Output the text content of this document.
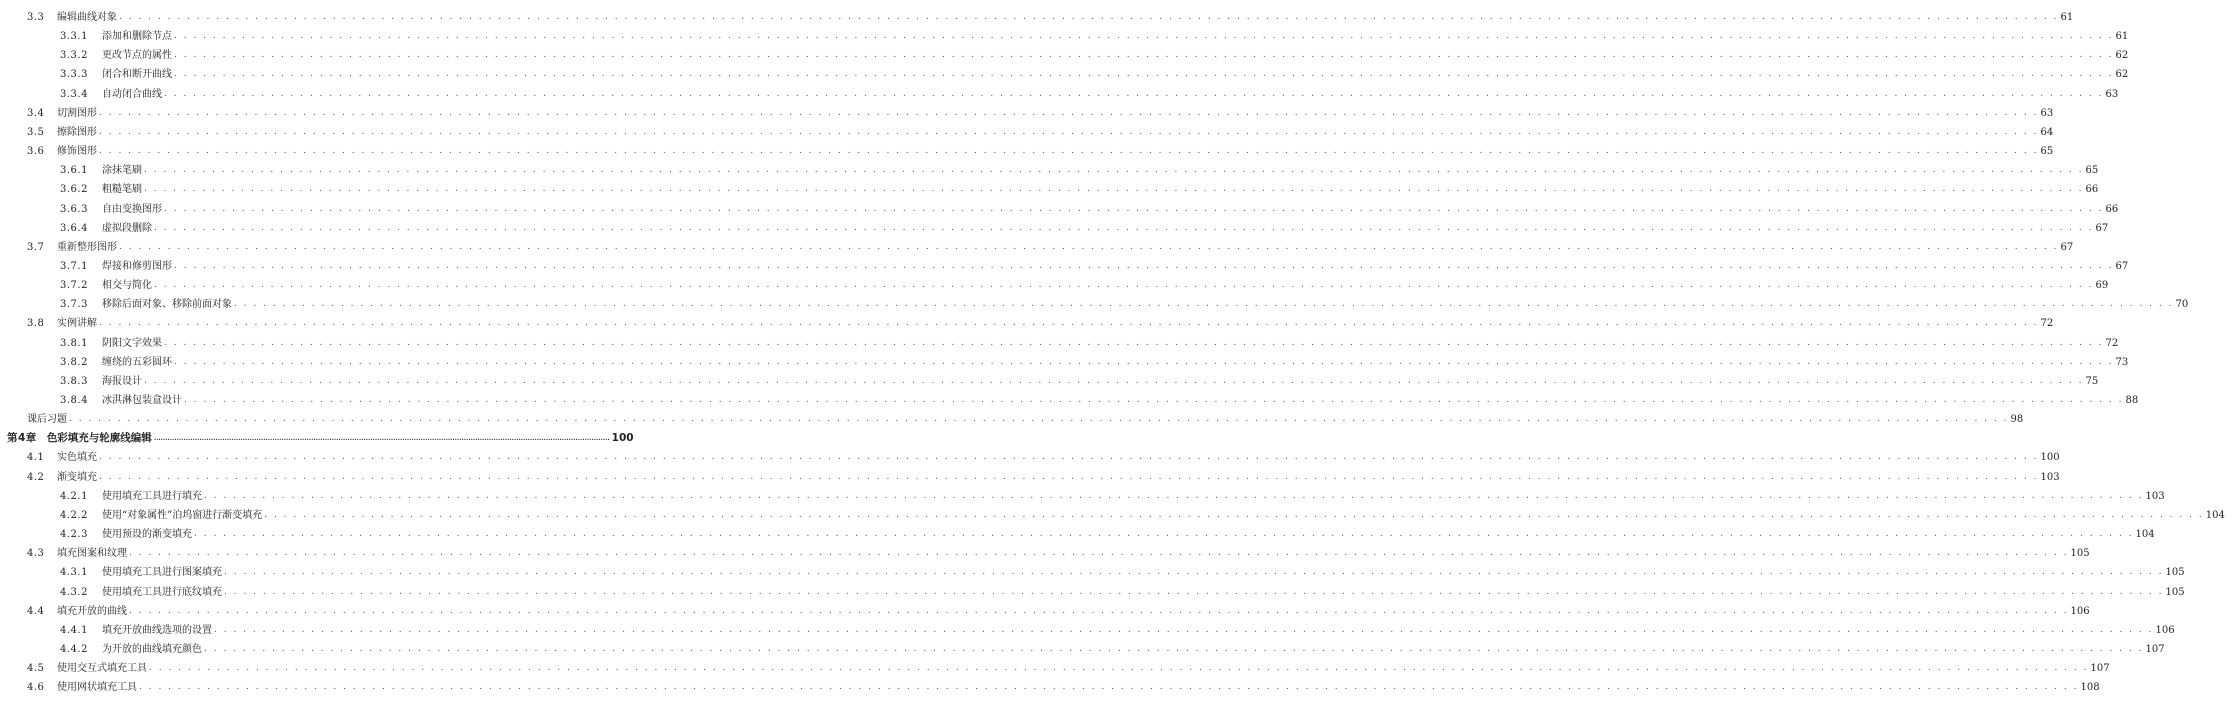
3.3	编辑曲线对象 . . . . . . . . . . . . . . . . . . . . . . . . . . . . . . . . . . . . . . . . . . . . . . . . . . . . . . . . . . . . . . . . . . . . . . . . . . . . . . . . . . . . . . . . . . . . . . . . . . . . . . . . . . . . . . . . . . . . . . . . . . . . . . . . . . . . . . . . . . . . . . . . . . . . . . . . . . . . . . . . . . . . . . . . . . . . . . . . . . . . . . . . . . . . . . . . . . . . . . . . 61
3.3.1	添加和删除节点 . . . . . . . . . . . . . . . . . . . . . . . . . . . . . . . . . . . . . . . . . . . . . . . . . . . . . . . . . . . . . . . . . . . . . . . . . . . . . . . . . . . . . . . . . . . . . . . . . . . . . . . . . . . . . . . . . . . . . . . . . . . . . . . . . . . . . . . . . . . . . . . . . . . . . . . . . . . . . . . . . . . . . . . . . . . . . . . . . . . . . . . . . . . . . . . . . . . . . . . . 61
3.3.2	更改节点的属性 . . . . . . . . . . . . . . . . . . . . . . . . . . . . . . . . . . . . . . . . . . . . . . . . . . . . . . . . . . . . . . . . . . . . . . . . . . . . . . . . . . . . . . . . . . . . . . . . . . . . . . . . . . . . . . . . . . . . . . . . . . . . . . . . . . . . . . . . . . . . . . . . . . . . . . . . . . . . . . . . . . . . . . . . . . . . . . . . . . . . . . . . . . . . . . . . . . . . . . . . 62
3.3.3	闭合和断开曲线 . . . . . . . . . . . . . . . . . . . . . . . . . . . . . . . . . . . . . . . . . . . . . . . . . . . . . . . . . . . . . . . . . . . . . . . . . . . . . . . . . . . . . . . . . . . . . . . . . . . . . . . . . . . . . . . . . . . . . . . . . . . . . . . . . . . . . . . . . . . . . . . . . . . . . . . . . . . . . . . . . . . . . . . . . . . . . . . . . . . . . . . . . . . . . . . . . . . . . . . . 62
3.3.4	自动闭合曲线 . . . . . . . . . . . . . . . . . . . . . . . . . . . . . . . . . . . . . . . . . . . . . . . . . . . . . . . . . . . . . . . . . . . . . . . . . . . . . . . . . . . . . . . . . . . . . . . . . . . . . . . . . . . . . . . . . . . . . . . . . . . . . . . . . . . . . . . . . . . . . . . . . . . . . . . . . . . . . . . . . . . . . . . . . . . . . . . . . . . . . . . . . . . . . . . . . . . . . . . . 63
3.4	切割图形 . . . . . . . . . . . . . . . . . . . . . . . . . . . . . . . . . . . . . . . . . . . . . . . . . . . . . . . . . . . . . . . . . . . . . . . . . . . . . . . . . . . . . . . . . . . . . . . . . . . . . . . . . . . . . . . . . . . . . . . . . . . . . . . . . . . . . . . . . . . . . . . . . . . . . . . . . . . . . . . . . . . . . . . . . . . . . . . . . . . . . . . . . . . . . . . . . . . . . . . . 63
3.5	擦除图形 . . . . . . . . . . . . . . . . . . . . . . . . . . . . . . . . . . . . . . . . . . . . . . . . . . . . . . . . . . . . . . . . . . . . . . . . . . . . . . . . . . . . . . . . . . . . . . . . . . . . . . . . . . . . . . . . . . . . . . . . . . . . . . . . . . . . . . . . . . . . . . . . . . . . . . . . . . . . . . . . . . . . . . . . . . . . . . . . . . . . . . . . . . . . . . . . . . . . . . . . 64
3.6	修饰图形 . . . . . . . . . . . . . . . . . . . . . . . . . . . . . . . . . . . . . . . . . . . . . . . . . . . . . . . . . . . . . . . . . . . . . . . . . . . . . . . . . . . . . . . . . . . . . . . . . . . . . . . . . . . . . . . . . . . . . . . . . . . . . . . . . . . . . . . . . . . . . . . . . . . . . . . . . . . . . . . . . . . . . . . . . . . . . . . . . . . . . . . . . . . . . . . . . . . . . . . . 65
3.6.1	涂抹笔刷 . . . . . . . . . . . . . . . . . . . . . . . . . . . . . . . . . . . . . . . . . . . . . . . . . . . . . . . . . . . . . . . . . . . . . . . . . . . . . . . . . . . . . . . . . . . . . . . . . . . . . . . . . . . . . . . . . . . . . . . . . . . . . . . . . . . . . . . . . . . . . . . . . . . . . . . . . . . . . . . . . . . . . . . . . . . . . . . . . . . . . . . . . . . . . . . . . . . . . . . . 65
3.6.2	粗糙笔刷 . . . . . . . . . . . . . . . . . . . . . . . . . . . . . . . . . . . . . . . . . . . . . . . . . . . . . . . . . . . . . . . . . . . . . . . . . . . . . . . . . . . . . . . . . . . . . . . . . . . . . . . . . . . . . . . . . . . . . . . . . . . . . . . . . . . . . . . . . . . . . . . . . . . . . . . . . . . . . . . . . . . . . . . . . . . . . . . . . . . . . . . . . . . . . . . . . . . . . . . . 66
3.6.3	自由变换图形 . . . . . . . . . . . . . . . . . . . . . . . . . . . . . . . . . . . . . . . . . . . . . . . . . . . . . . . . . . . . . . . . . . . . . . . . . . . . . . . . . . . . . . . . . . . . . . . . . . . . . . . . . . . . . . . . . . . . . . . . . . . . . . . . . . . . . . . . . . . . . . . . . . . . . . . . . . . . . . . . . . . . . . . . . . . . . . . . . . . . . . . . . . . . . . . . . . . . . . . . 66
3.6.4	虚拟段删除 . . . . . . . . . . . . . . . . . . . . . . . . . . . . . . . . . . . . . . . . . . . . . . . . . . . . . . . . . . . . . . . . . . . . . . . . . . . . . . . . . . . . . . . . . . . . . . . . . . . . . . . . . . . . . . . . . . . . . . . . . . . . . . . . . . . . . . . . . . . . . . . . . . . . . . . . . . . . . . . . . . . . . . . . . . . . . . . . . . . . . . . . . . . . . . . . . . . . . . . . 67
3.7	重新整形图形 . . . . . . . . . . . . . . . . . . . . . . . . . . . . . . . . . . . . . . . . . . . . . . . . . . . . . . . . . . . . . . . . . . . . . . . . . . . . . . . . . . . . . . . . . . . . . . . . . . . . . . . . . . . . . . . . . . . . . . . . . . . . . . . . . . . . . . . . . . . . . . . . . . . . . . . . . . . . . . . . . . . . . . . . . . . . . . . . . . . . . . . . . . . . . . . . . . . . . . . . 67
3.7.1	焊接和修剪图形 . . . . . . . . . . . . . . . . . . . . . . . . . . . . . . . . . . . . . . . . . . . . . . . . . . . . . . . . . . . . . . . . . . . . . . . . . . . . . . . . . . . . . . . . . . . . . . . . . . . . . . . . . . . . . . . . . . . . . . . . . . . . . . . . . . . . . . . . . . . . . . . . . . . . . . . . . . . . . . . . . . . . . . . . . . . . . . . . . . . . . . . . . . . . . . . . . . . . . . . . 67
3.7.2	相交与简化 . . . . . . . . . . . . . . . . . . . . . . . . . . . . . . . . . . . . . . . . . . . . . . . . . . . . . . . . . . . . . . . . . . . . . . . . . . . . . . . . . . . . . . . . . . . . . . . . . . . . . . . . . . . . . . . . . . . . . . . . . . . . . . . . . . . . . . . . . . . . . . . . . . . . . . . . . . . . . . . . . . . . . . . . . . . . . . . . . . . . . . . . . . . . . . . . . . . . . . . . 69
3.7.3	移除后面对象、移除前面对象 . . . . . . . . . . . . . . . . . . . . . . . . . . . . . . . . . . . . . . . . . . . . . . . . . . . . . . . . . . . . . . . . . . . . . . . . . . . . . . . . . . . . . . . . . . . . . . . . . . . . . . . . . . . . . . . . . . . . . . . . . . . . . . . . . . . . . . . . . . . . . . . . . . . . . . . . . . . . . . . . . . . . . . . . . . . . . . . . . . . . . . . . . . . . . . . . . . . . . . . . 70
3.8	实例讲解 . . . . . . . . . . . . . . . . . . . . . . . . . . . . . . . . . . . . . . . . . . . . . . . . . . . . . . . . . . . . . . . . . . . . . . . . . . . . . . . . . . . . . . . . . . . . . . . . . . . . . . . . . . . . . . . . . . . . . . . . . . . . . . . . . . . . . . . . . . . . . . . . . . . . . . . . . . . . . . . . . . . . . . . . . . . . . . . . . . . . . . . . . . . . . . . . . . . . . . . . 72
3.8.1	阴阳文字效果 . . . . . . . . . . . . . . . . . . . . . . . . . . . . . . . . . . . . . . . . . . . . . . . . . . . . . . . . . . . . . . . . . . . . . . . . . . . . . . . . . . . . . . . . . . . . . . . . . . . . . . . . . . . . . . . . . . . . . . . . . . . . . . . . . . . . . . . . . . . . . . . . . . . . . . . . . . . . . . . . . . . . . . . . . . . . . . . . . . . . . . . . . . . . . . . . . . . . . . . . 72
3.8.2	缠绕的五彩圆环 . . . . . . . . . . . . . . . . . . . . . . . . . . . . . . . . . . . . . . . . . . . . . . . . . . . . . . . . . . . . . . . . . . . . . . . . . . . . . . . . . . . . . . . . . . . . . . . . . . . . . . . . . . . . . . . . . . . . . . . . . . . . . . . . . . . . . . . . . . . . . . . . . . . . . . . . . . . . . . . . . . . . . . . . . . . . . . . . . . . . . . . . . . . . . . . . . . . . . . . . 73
3.8.3	海报设计 . . . . . . . . . . . . . . . . . . . . . . . . . . . . . . . . . . . . . . . . . . . . . . . . . . . . . . . . . . . . . . . . . . . . . . . . . . . . . . . . . . . . . . . . . . . . . . . . . . . . . . . . . . . . . . . . . . . . . . . . . . . . . . . . . . . . . . . . . . . . . . . . . . . . . . . . . . . . . . . . . . . . . . . . . . . . . . . . . . . . . . . . . . . . . . . . . . . . . . . . 75
3.8.4	冰淇淋包装盒设计 . . . . . . . . . . . . . . . . . . . . . . . . . . . . . . . . . . . . . . . . . . . . . . . . . . . . . . . . . . . . . . . . . . . . . . . . . . . . . . . . . . . . . . . . . . . . . . . . . . . . . . . . . . . . . . . . . . . . . . . . . . . . . . . . . . . . . . . . . . . . . . . . . . . . . . . . . . . . . . . . . . . . . . . . . . . . . . . . . . . . . . . . . . . . . . . . . . . . . . . . 88
课后习题 . . . . . . . . . . . . . . . . . . . . . . . . . . . . . . . . . . . . . . . . . . . . . . . . . . . . . . . . . . . . . . . . . . . . . . . . . . . . . . . . . . . . . . . . . . . . . . . . . . . . . . . . . . . . . . . . . . . . . . . . . . . . . . . . . . . . . . . . . . . . . . . . . . . . . . . . . . . . . . . . . . . . . . . . . . . . . . . . . . . . . . . . . . . . . . . . . . . . . . . . 98
第4章 色彩填充与轮廓线编辑 ........................................................................................................................................................................................................ 100
4.1	实色填充 . . . . . . . . . . . . . . . . . . . . . . . . . . . . . . . . . . . . . . . . . . . . . . . . . . . . . . . . . . . . . . . . . . . . . . . . . . . . . . . . . . . . . . . . . . . . . . . . . . . . . . . . . . . . . . . . . . . . . . . . . . . . . . . . . . . . . . . . . . . . . . . . . . . . . . . . . . . . . . . . . . . . . . . . . . . . . . . . . . . . . . . . . . . . . . . . . . . . . . . . 100
4.2	渐变填充 . . . . . . . . . . . . . . . . . . . . . . . . . . . . . . . . . . . . . . . . . . . . . . . . . . . . . . . . . . . . . . . . . . . . . . . . . . . . . . . . . . . . . . . . . . . . . . . . . . . . . . . . . . . . . . . . . . . . . . . . . . . . . . . . . . . . . . . . . . . . . . . . . . . . . . . . . . . . . . . . . . . . . . . . . . . . . . . . . . . . . . . . . . . . . . . . . . . . . . . . 103
4.2.1	使用填充工具进行填充 . . . . . . . . . . . . . . . . . . . . . . . . . . . . . . . . . . . . . . . . . . . . . . . . . . . . . . . . . . . . . . . . . . . . . . . . . . . . . . . . . . . . . . . . . . . . . . . . . . . . . . . . . . . . . . . . . . . . . . . . . . . . . . . . . . . . . . . . . . . . . . . . . . . . . . . . . . . . . . . . . . . . . . . . . . . . . . . . . . . . . . . . . . . . . . . . . . . . . . . . 103
4.2.2	使用“对象属性”泊坞窗进行渐变填充 . . . . . . . . . . . . . . . . . . . . . . . . . . . . . . . . . . . . . . . . . . . . . . . . . . . . . . . . . . . . . . . . . . . . . . . . . . . . . . . . . . . . . . . . . . . . . . . . . . . . . . . . . . . . . . . . . . . . . . . . . . . . . . . . . . . . . . . . . . . . . . . . . . . . . . . . . . . . . . . . . . . . . . . . . . . . . . . . . . . . . . . . . . . . . . . . . . . . . . . . 104
4.2.3	使用预设的渐变填充 . . . . . . . . . . . . . . . . . . . . . . . . . . . . . . . . . . . . . . . . . . . . . . . . . . . . . . . . . . . . . . . . . . . . . . . . . . . . . . . . . . . . . . . . . . . . . . . . . . . . . . . . . . . . . . . . . . . . . . . . . . . . . . . . . . . . . . . . . . . . . . . . . . . . . . . . . . . . . . . . . . . . . . . . . . . . . . . . . . . . . . . . . . . . . . . . . . . . . . . . 104
4.3	填充图案和纹理 . . . . . . . . . . . . . . . . . . . . . . . . . . . . . . . . . . . . . . . . . . . . . . . . . . . . . . . . . . . . . . . . . . . . . . . . . . . . . . . . . . . . . . . . . . . . . . . . . . . . . . . . . . . . . . . . . . . . . . . . . . . . . . . . . . . . . . . . . . . . . . . . . . . . . . . . . . . . . . . . . . . . . . . . . . . . . . . . . . . . . . . . . . . . . . . . . . . . . . . . 105
4.3.1	使用填充工具进行图案填充 . . . . . . . . . . . . . . . . . . . . . . . . . . . . . . . . . . . . . . . . . . . . . . . . . . . . . . . . . . . . . . . . . . . . . . . . . . . . . . . . . . . . . . . . . . . . . . . . . . . . . . . . . . . . . . . . . . . . . . . . . . . . . . . . . . . . . . . . . . . . . . . . . . . . . . . . . . . . . . . . . . . . . . . . . . . . . . . . . . . . . . . . . . . . . . . . . . . . . . . . 105
4.3.2	使用填充工具进行底纹填充 . . . . . . . . . . . . . . . . . . . . . . . . . . . . . . . . . . . . . . . . . . . . . . . . . . . . . . . . . . . . . . . . . . . . . . . . . . . . . . . . . . . . . . . . . . . . . . . . . . . . . . . . . . . . . . . . . . . . . . . . . . . . . . . . . . . . . . . . . . . . . . . . . . . . . . . . . . . . . . . . . . . . . . . . . . . . . . . . . . . . . . . . . . . . . . . . . . . . . . . . 105
4.4	填充开放的曲线 . . . . . . . . . . . . . . . . . . . . . . . . . . . . . . . . . . . . . . . . . . . . . . . . . . . . . . . . . . . . . . . . . . . . . . . . . . . . . . . . . . . . . . . . . . . . . . . . . . . . . . . . . . . . . . . . . . . . . . . . . . . . . . . . . . . . . . . . . . . . . . . . . . . . . . . . . . . . . . . . . . . . . . . . . . . . . . . . . . . . . . . . . . . . . . . . . . . . . . . . 106
4.4.1	填充开放曲线选项的设置 . . . . . . . . . . . . . . . . . . . . . . . . . . . . . . . . . . . . . . . . . . . . . . . . . . . . . . . . . . . . . . . . . . . . . . . . . . . . . . . . . . . . . . . . . . . . . . . . . . . . . . . . . . . . . . . . . . . . . . . . . . . . . . . . . . . . . . . . . . . . . . . . . . . . . . . . . . . . . . . . . . . . . . . . . . . . . . . . . . . . . . . . . . . . . . . . . . . . . . . . 106
4.4.2	为开放的曲线填充颜色 . . . . . . . . . . . . . . . . . . . . . . . . . . . . . . . . . . . . . . . . . . . . . . . . . . . . . . . . . . . . . . . . . . . . . . . . . . . . . . . . . . . . . . . . . . . . . . . . . . . . . . . . . . . . . . . . . . . . . . . . . . . . . . . . . . . . . . . . . . . . . . . . . . . . . . . . . . . . . . . . . . . . . . . . . . . . . . . . . . . . . . . . . . . . . . . . . . . . . . . . 107
4.5	使用交互式填充工具 . . . . . . . . . . . . . . . . . . . . . . . . . . . . . . . . . . . . . . . . . . . . . . . . . . . . . . . . . . . . . . . . . . . . . . . . . . . . . . . . . . . . . . . . . . . . . . . . . . . . . . . . . . . . . . . . . . . . . . . . . . . . . . . . . . . . . . . . . . . . . . . . . . . . . . . . . . . . . . . . . . . . . . . . . . . . . . . . . . . . . . . . . . . . . . . . . . . . . . . . 107
4.6	使用网状填充工具 . . . . . . . . . . . . . . . . . . . . . . . . . . . . . . . . . . . . . . . . . . . . . . . . . . . . . . . . . . . . . . . . . . . . . . . . . . . . . . . . . . . . . . . . . . . . . . . . . . . . . . . . . . . . . . . . . . . . . . . . . . . . . . . . . . . . . . . . . . . . . . . . . . . . . . . . . . . . . . . . . . . . . . . . . . . . . . . . . . . . . . . . . . . . . . . . . . . . . . . . 108
